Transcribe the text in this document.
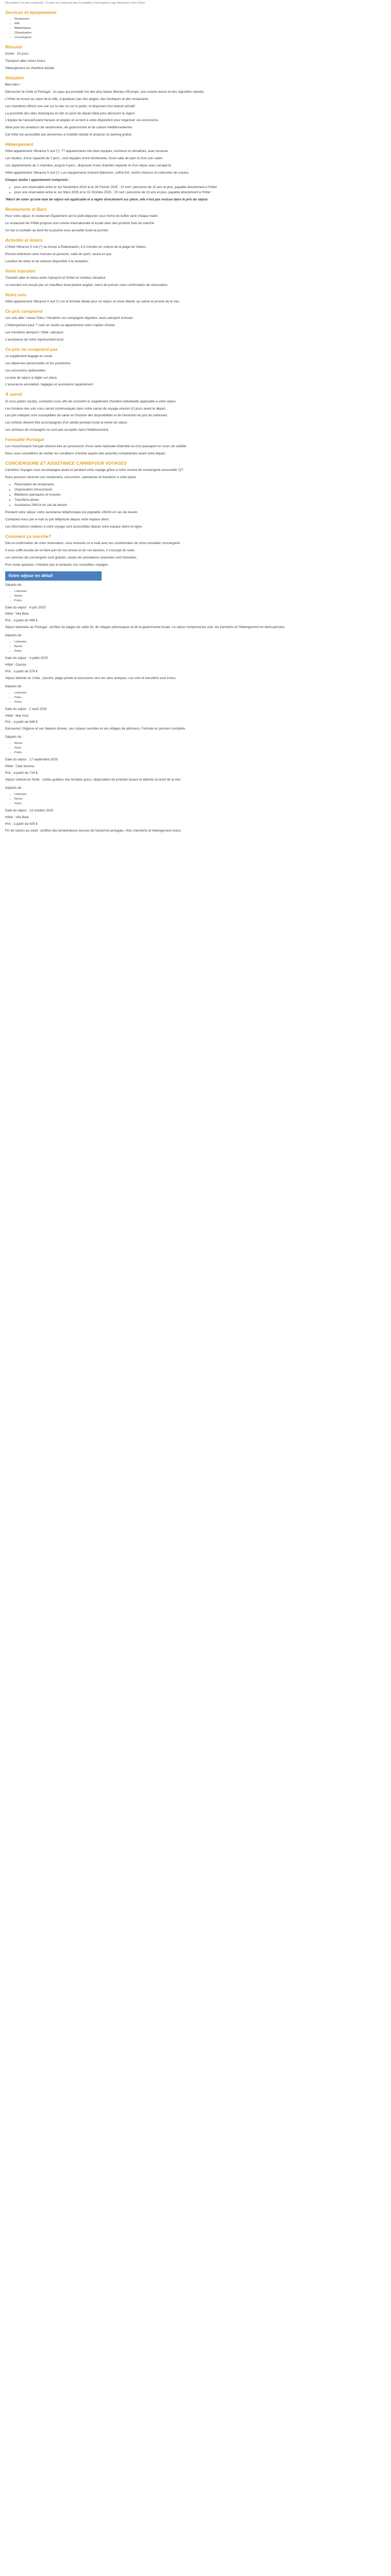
Description Ce prix comprend : Ce prix ne comprend pas Formalités Conciergerie Lugo Itinéraires Vers Client
Services et équipements
• Restaurant
• Wifi
• Bibliothèque
• Climatisation
• Conciergerie
Résumé

Durée : 15 jours

Transport aller-retour inclus

Hébergement en chambre double

Situation

Bien-être !

Découvrez la Crète et Portugal : un pays qui possède l'un des plus beaux littoraux d'Europe, une cuisine douce et des vignobles réputés.

L'Hôtel se trouve au cœur de la ville, à quelques pas des plages, des boutiques et des restaurants.

Les chambres offrent une vue sur la mer ou sur le jardin, et disposent d'un balcon privatif.

La proximité des sites historiques en fait un point de départ idéal pour découvrir la région.

L'équipe de l'accueil parle français et anglais et se tient à votre disposition pour organiser vos excursions.

Idéal pour les amateurs de randonnées, de gastronomie et de culture méditerranéenne.

Cet hôtel est accessible aux personnes à mobilité réduite et propose un parking gratuit.

Hébergement

Hôtel appartement Vibrance 5 nuit (*). 77 appartements très bien équipés, lumineux et climatisés, avec terrasse.

Les studios, d'une capacité de 2 pers., sont équipés d'une kitchenette, d'une salle de bain et d'un coin salon.

Les appartements de 1 chambre, jusqu'à 4 pers., disposent d'une chambre séparée et d'un séjour avec canapé-lit.

Hôtel appartement Vibrance 5 nuit (*). Les équipements incluent télévision, coffre-fort, sèche-cheveux et ustensiles de cuisine.

Chaque studio / appartement comprend :

• pour une réservation entre le 1er Novembre 2024 et le 28 Février 2025 : 10 nuit / personne de 10 ans et plus, payable directement à l'hôtel
• pour une réservation entre le 1er Mars 2025 et le 31 Octobre 2025 : 20 nuit / personne de 10 ans et plus, payable directement à l'hôtel

*Merci de noter qu'une taxe de séjour est applicable et à régler directement sur place, elle n'est pas incluse dans le prix du séjour.

Restaurants et Bars

Pour votre séjour, le restaurant Également sert le petit-déjeuner sous forme de buffet varié chaque matin.

Le restaurant de l'Hôtel propose une cuisine internationale et locale avec des produits frais du marché.

Un bar à cocktails au bord de la piscine vous accueille toute la journée.

Activités et loisirs

L'Hôtel Vibrance 5 nuit (*) se trouve à Palaiokastro, à 5 minutes en voiture de la plage de Vlakes.

Piscine extérieure avec transats et parasols, salle de sport, sauna et spa.

Location de vélos et de voitures disponible à la réception.

Votre transfert

Transfert aller et retour entre l'aéroport et l'hôtel en minibus climatisé.

Le transfert est assuré par un chauffeur local parlant anglais, merci de prévoir votre confirmation de réservation.

Notre avis

Hôtel appartement Vibrance 5 nuit (*) est la formule idéale pour un séjour en toute liberté, au calme et proche de la mer.

Ce prix comprend

Les vols aller / retour Paris / Héraklion sur compagnie régulière, taxes aéroport incluses

L'hébergement pour 7 nuits en studio ou appartement selon l'option choisie

Les transferts aéroport / hôtel / aéroport

L'assistance de notre représentant local

Ce prix ne comprend pas

Le supplément bagage en soute

Les dépenses personnelles et les pourboires

Les excursions optionnelles

La taxe de séjour à régler sur place

L'assurance annulation, bagages et assistance rapatriement

À savoir

Si vous partez seul(e), contactez-nous afin de connaître le supplément chambre individuelle applicable à votre séjour.

Les horaires des vols vous seront communiqués dans votre carnet de voyage environ 10 jours avant le départ.

Les prix indiqués sont susceptibles de varier en fonction des disponibilités et de l'évolution du prix du carburant.

Les enfants doivent être accompagnés d'un adulte pendant toute la durée du séjour.

Les animaux de compagnie ne sont pas acceptés dans l'établissement.

Formalité Portugal

Les ressortissants français doivent être en possession d'une carte nationale d'identité ou d'un passeport en cours de validité.

Nous vous conseillons de vérifier les conditions d'entrée auprès des autorités compétentes avant votre départ.

CONCIERGERIE ET ASSISTANCE CARREFOUR VOYAGES

Carrefour Voyages vous accompagne avant et pendant votre voyage grâce à notre service de conciergerie accessible 7j/7.

Nous pouvons réserver vos restaurants, excursions, spectacles et transferts à votre place.

• Réservation de restaurants
• Organisation d'excursions
• Billetterie spectacles et musées
• Transferts privés
• Assistance 24h/24 en cas de besoin

Pendant votre séjour, notre assistance téléphonique est joignable 24h/24 en cas de besoin.

Contactez-nous par e-mail ou par téléphone depuis votre espace client.

Les informations relatives à votre voyage sont accessibles depuis votre espace client en ligne.

Comment ça marche?

Dès la confirmation de votre réservation, vous recevrez un e-mail avec les coordonnées de votre conseiller conciergerie.

Il vous suffit ensuite de lui faire part de vos envies et de vos besoins, il s'occupe du reste.

Les services de conciergerie sont gratuits, seules les prestations réservées sont facturées.

Pour toute question, n'hésitez pas à contacter nos conseillers voyages.

Votre séjour en détail

Départs de :

• Lisbonne
• Rome
• Porto

Date du séjour : 4 juin 2025

Hôtel : Vila Bela

Prix : à partir de 499 €

Séjour balnéaire au Portugal : profitez de plages de sable fin, de villages pittoresques et de la gastronomie locale. Le séjour comprend les vols, les transferts et l'hébergement en demi-pension.

Départs de :

• Lisbonne
• Rome
• Porto

Date du séjour : 4 juillet 2025

Hôtel : Gavras

Prix : à partir de 579 €

Séjour détente en Crète : piscine, plage privée et excursions vers les sites antiques. Les vols et transferts sont inclus.

Départs de :

• Lisbonne
• Paris
• Porto

Date du séjour : 2 août 2025

Hôtel : Mar Azul

Prix : à partir de 649 €

Découvrez l'Algarve et ses falaises dorées, ses criques secrètes et ses villages de pêcheurs. Formule en pension complète.

Départs de :

• Rome
• Paris
• Porto

Date du séjour : 17 septembre 2025

Hôtel : Cala Serena

Prix : à partir de 719 €

Séjour culturel en Sicile : visites guidées des temples grecs, dégustation de produits locaux et détente au bord de la mer.

Départs de :

• Lisbonne
• Rome
• Paris

Date du séjour : 14 octobre 2025

Hôtel : Vila Bela

Prix : à partir de 429 €

Fin de saison au soleil : profitez des températures douces de l'automne portugais. Vols, transferts et hébergement inclus.
